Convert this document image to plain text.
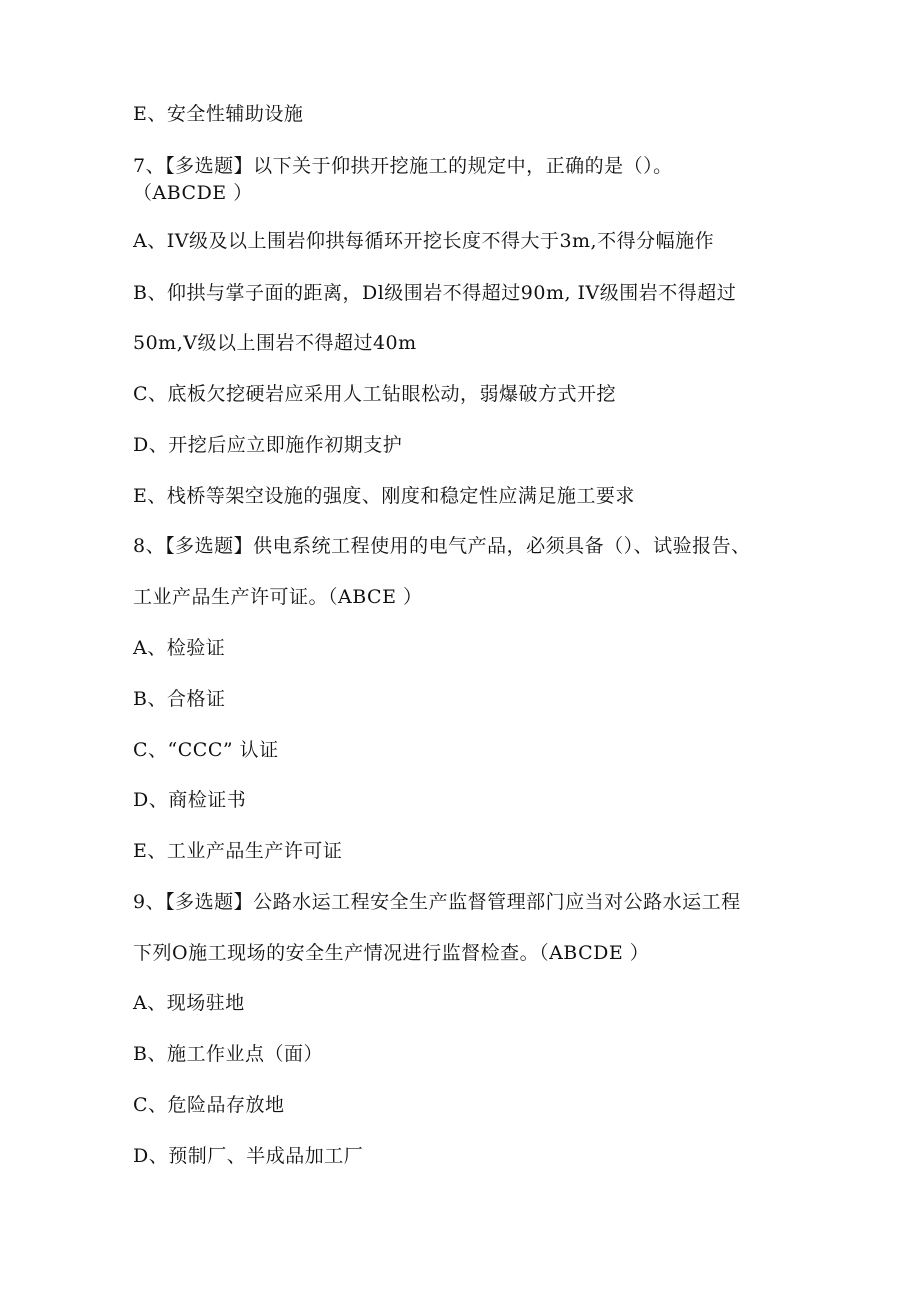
E、安全性辅助设施
7、【多选题】以下关于仰拱开挖施工的规定中，正确的是（）。
（ABCDE ）
A、IV级及以上围岩仰拱每循环开挖长度不得大于3m,不得分幅施作
B、仰拱与掌子面的距离，Dl级围岩不得超过90m, IV级围岩不得超过
50m,V级以上围岩不得超过40m
C、底板欠挖硬岩应采用人工钻眼松动，弱爆破方式开挖
D、开挖后应立即施作初期支护
E、栈桥等架空设施的强度、刚度和稳定性应满足施工要求
8、【多选题】供电系统工程使用的电气产品，必须具备（）、试验报告、
工业产品生产许可证。（ABCE ）
A、检验证
B、合格证
C、“CCC” 认证
D、商检证书
E、工业产品生产许可证
9、【多选题】公路水运工程安全生产监督管理部门应当对公路水运工程
下列O施工现场的安全生产情况进行监督检查。（ABCDE ）
A、现场驻地
B、施工作业点（面）
C、危险品存放地
D、预制厂、半成品加工厂
